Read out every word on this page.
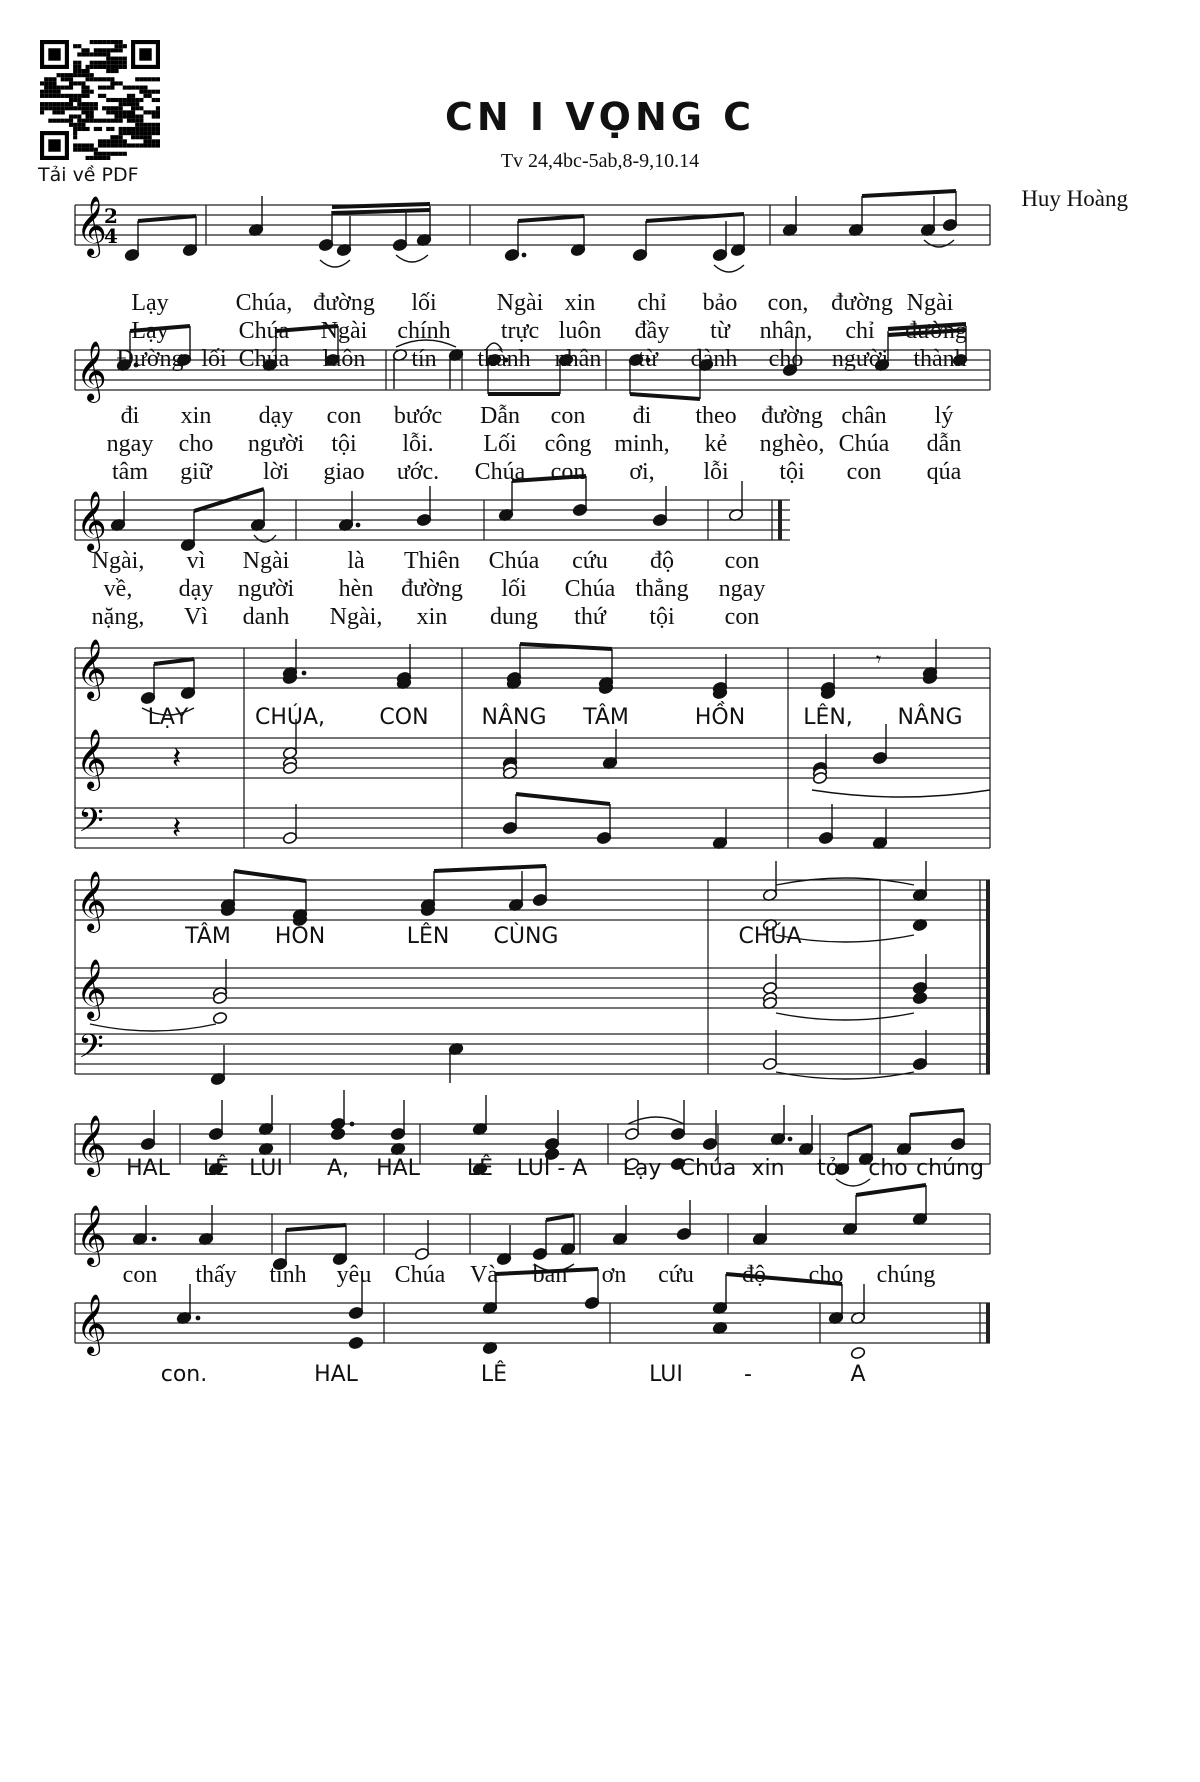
Tải về PDF
CN I VỌNG C
Tv 24,4bc-5ab,8-9,10.14
Huy Hoàng
𝄞
2
4
𝄞
𝄞
𝄞
𝄞
𝄢
𝄾
𝄽
𝄽
𝄞
𝄞
𝄢
𝄞
𝄞
𝄞
Lạy	Chúa, đường	lối	Ngài xin	chỉ	bảo	con, đường Ngài
Lạy	Chúa	Ngài	chính	trực luôn	đầy	từ	nhân,	chỉ	đường
Đường lối Chúa	luôn	tín	thành	nhân	từ	dành	cho	người	thành
đi	xin	dạy	con	bước	Dẫn	con	đi	theo	đường chân	lý
ngay	cho	người	tội	lỗi.	Lối	công minh,	kẻ	nghèo, Chúa	dẫn
tâm	giữ	lời	giao	ước.	Chúa	con	ơi,	lỗi	tội	con	qúa
Ngài,	vì	Ngài	là	Thiên	Chúa	cứu	độ	con
về,	dạy	người	hèn	đường	lối	Chúa thẳng	ngay
nặng,	Vì	danh	Ngài,	xin	dung	thứ	tội	con
LẠY	CHÚA,	CON	NÂNG	TÂM	HỒN	LÊN,	NÂNG
TÂM	HỒN	LÊN	CÙNG	CHÚA
HAL	LÊ LUI	A,	HAL	LÊ	LUI - A	Lạy Chúa xin	tỏ	cho chúng
con	thấy	tình	yêu Chúa	Và	ban	ơn	cứu	độ	cho	chúng
con.	HAL	LÊ	LUI	-	A
